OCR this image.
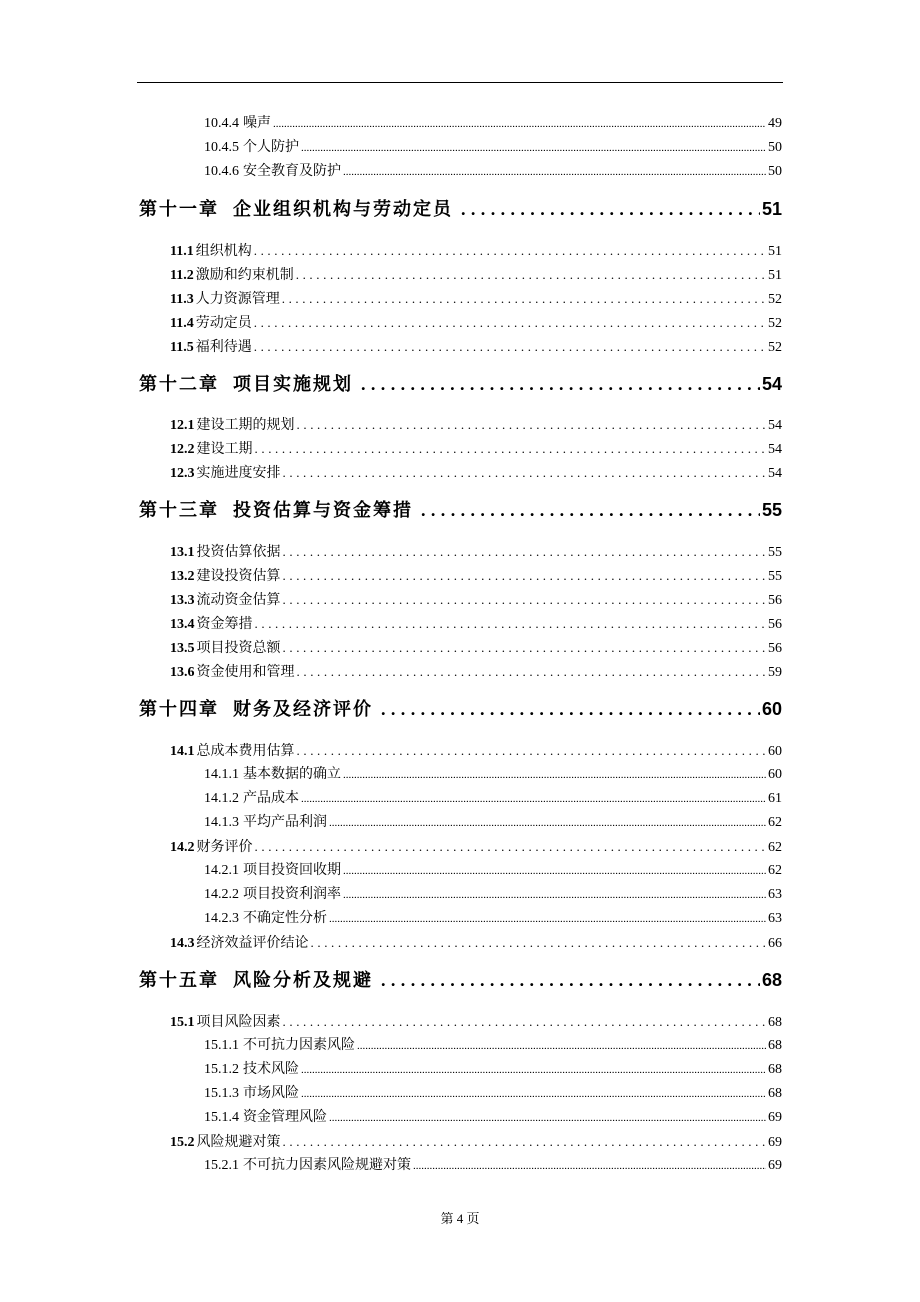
10.4.4 噪声 .....	49
10.4.5 个人防护 .....	50
10.4.6 安全教育及防护 .....	50
第十一章 企业组织机构与劳动定员 .....	51
11.1 组织机构 .....	51
11.2 激励和约束机制 .....	51
11.3 人力资源管理 .....	52
11.4 劳动定员 .....	52
11.5 福利待遇 .....	52
第十二章 项目实施规划 .....	54
12.1 建设工期的规划 .....	54
12.2 建设工期 .....	54
12.3 实施进度安排 .....	54
第十三章 投资估算与资金筹措 .....	55
13.1 投资估算依据 .....	55
13.2 建设投资估算 .....	55
13.3 流动资金估算 .....	56
13.4 资金筹措 .....	56
13.5 项目投资总额 .....	56
13.6 资金使用和管理 .....	59
第十四章 财务及经济评价 .....	60
14.1 总成本费用估算 .....	60
14.1.1 基本数据的确立 .....	60
14.1.2 产品成本 .....	61
14.1.3 平均产品利润 .....	62
14.2 财务评价 .....	62
14.2.1 项目投资回收期 .....	62
14.2.2 项目投资利润率 .....	63
14.2.3 不确定性分析 .....	63
14.3 经济效益评价结论 .....	66
第十五章 风险分析及规避 .....	68
15.1 项目风险因素 .....	68
15.1.1 不可抗力因素风险 .....	68
15.1.2 技术风险 .....	68
15.1.3 市场风险 .....	68
15.1.4 资金管理风险 .....	69
15.2 风险规避对策 .....	69
15.2.1 不可抗力因素风险规避对策 .....	69
第 4 页
